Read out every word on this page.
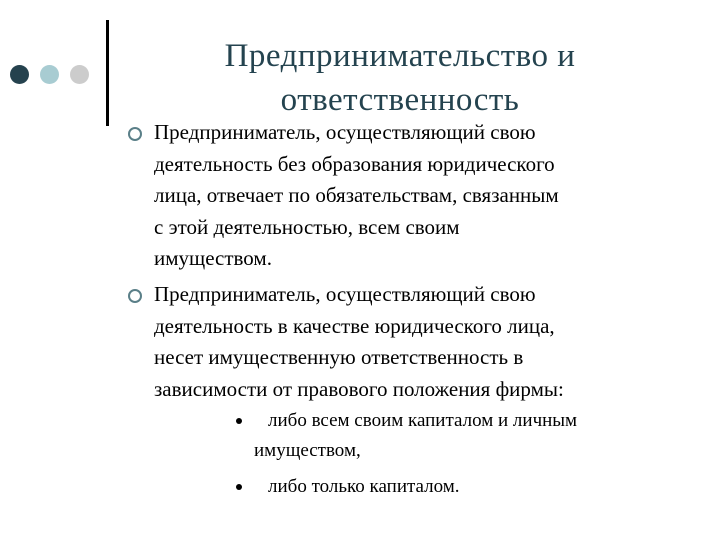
Предпринимательство и
ответственность
Предприниматель, осуществляющий свою
деятельность без образования юридического
лица, отвечает по обязательствам, связанным
с этой деятельностью, всем своим
имуществом.
Предприниматель, осуществляющий свою
деятельность в качестве юридического лица,
несет имущественную ответственность в
зависимости от правового положения фирмы:
либо всем своим капиталом и личным
имуществом,
либо только капиталом.
